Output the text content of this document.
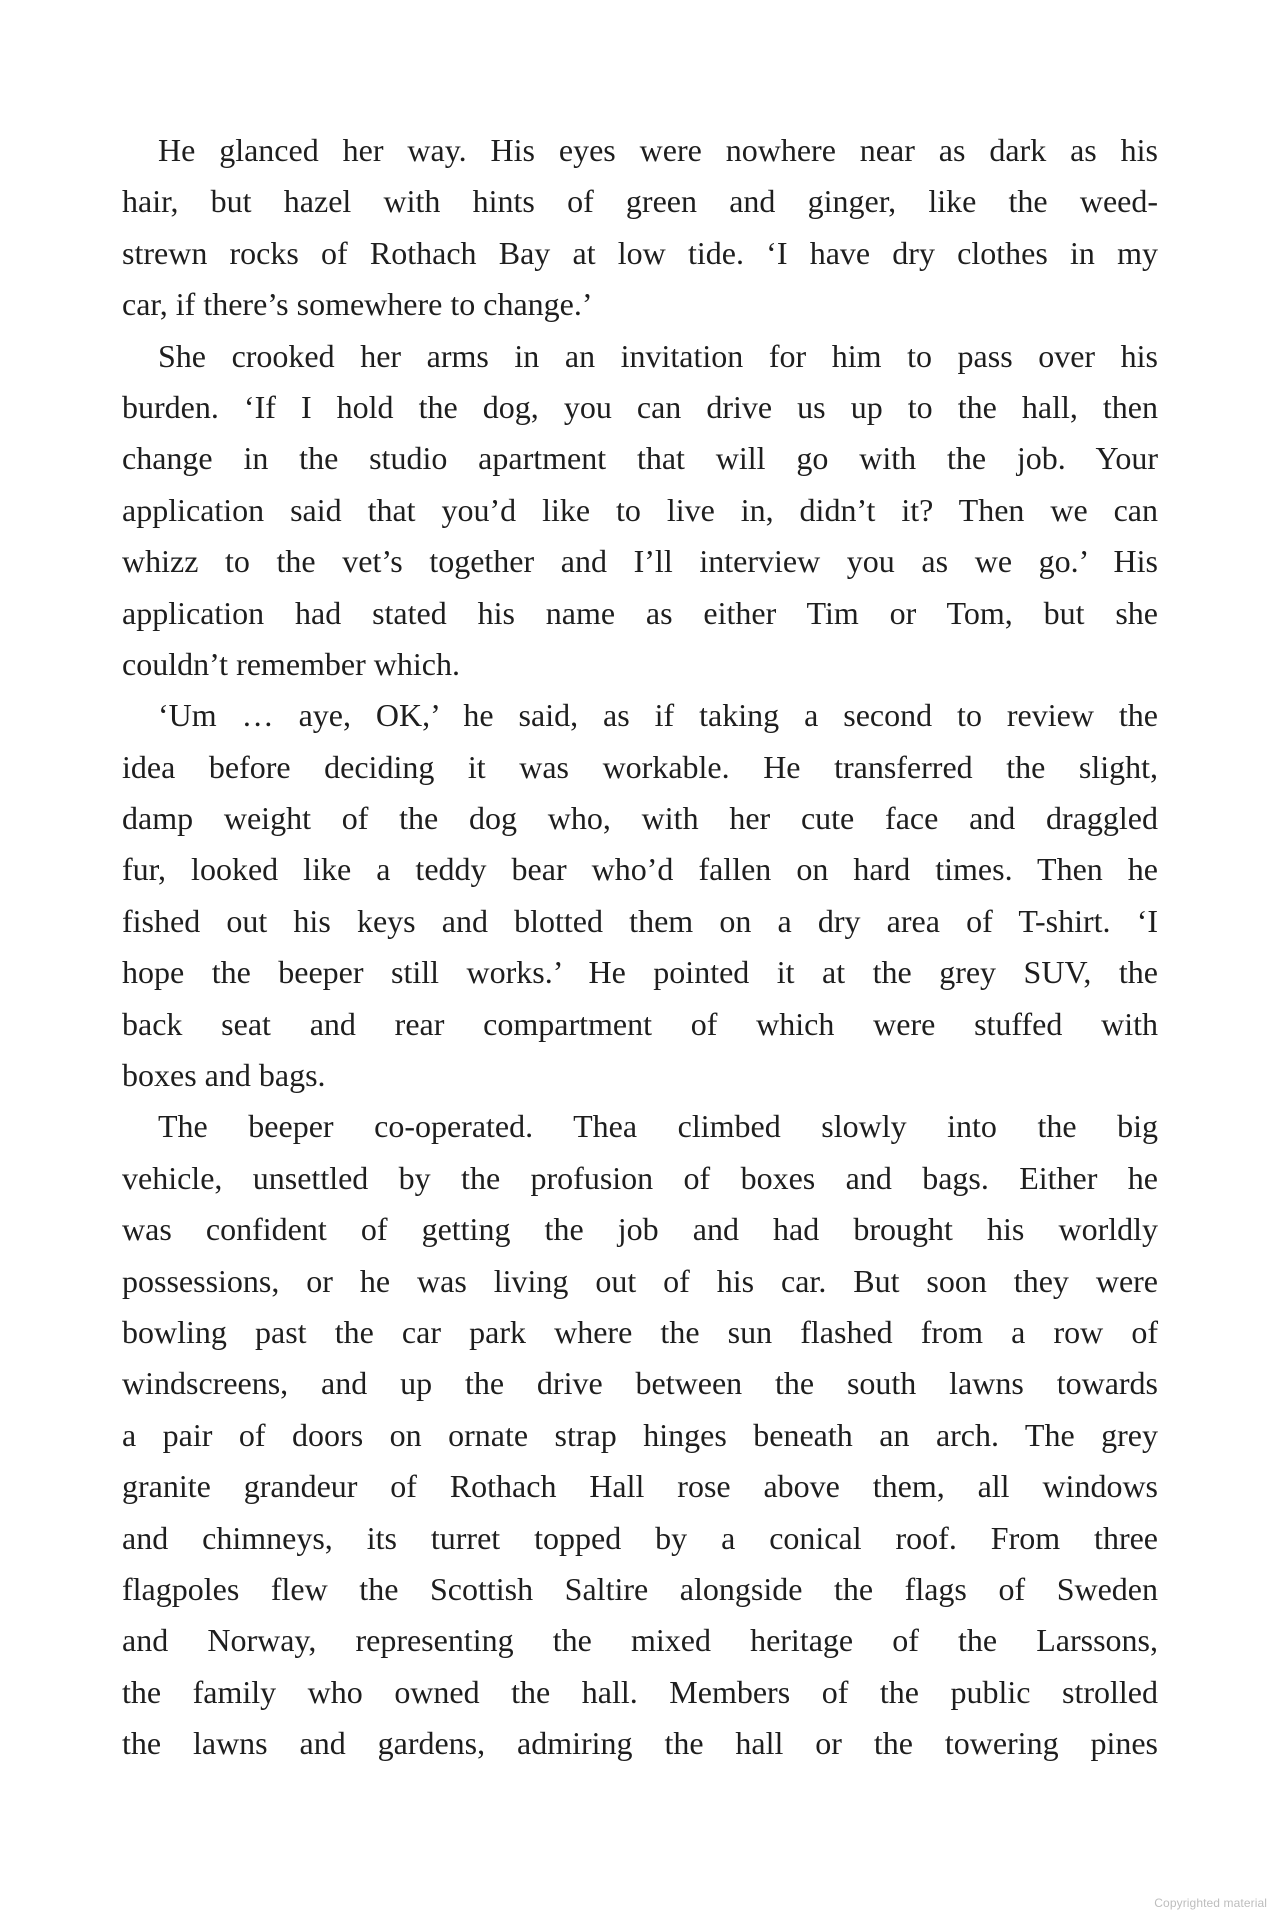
He glanced her way. His eyes were nowhere near as dark as his
hair, but hazel with hints of green and ginger, like the weed-
strewn rocks of Rothach Bay at low tide. ‘I have dry clothes in my
car, if there’s somewhere to change.’
She crooked her arms in an invitation for him to pass over his
burden. ‘If I hold the dog, you can drive us up to the hall, then
change in the studio apartment that will go with the job. Your
application said that you’d like to live in, didn’t it? Then we can
whizz to the vet’s together and I’ll interview you as we go.’ His
application had stated his name as either Tim or Tom, but she
couldn’t remember which.
‘Um … aye, OK,’ he said, as if taking a second to review the
idea before deciding it was workable. He transferred the slight,
damp weight of the dog who, with her cute face and draggled
fur, looked like a teddy bear who’d fallen on hard times. Then he
fished out his keys and blotted them on a dry area of T-shirt. ‘I
hope the beeper still works.’ He pointed it at the grey SUV, the
back seat and rear compartment of which were stuffed with
boxes and bags.
The beeper co-operated. Thea climbed slowly into the big
vehicle, unsettled by the profusion of boxes and bags. Either he
was confident of getting the job and had brought his worldly
possessions, or he was living out of his car. But soon they were
bowling past the car park where the sun flashed from a row of
windscreens, and up the drive between the south lawns towards
a pair of doors on ornate strap hinges beneath an arch. The grey
granite grandeur of Rothach Hall rose above them, all windows
and chimneys, its turret topped by a conical roof. From three
flagpoles flew the Scottish Saltire alongside the flags of Sweden
and Norway, representing the mixed heritage of the Larssons,
the family who owned the hall. Members of the public strolled
the lawns and gardens, admiring the hall or the towering pines
Copyrighted material
